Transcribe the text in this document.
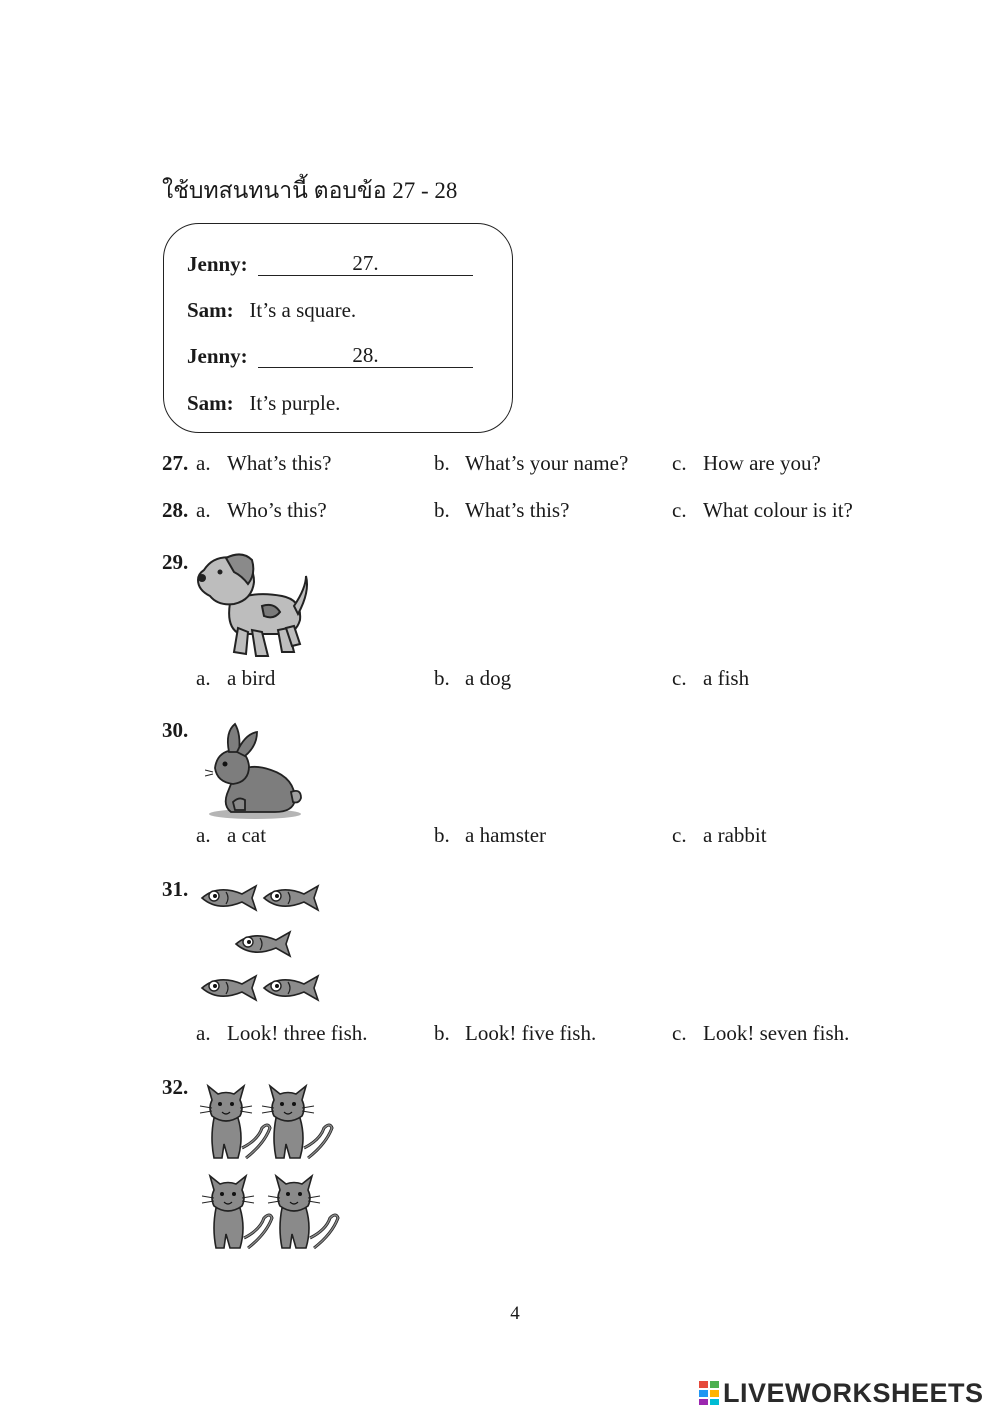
ใช้บทสนทนานี้ ตอบข้อ 27 - 28
Jenny:	27.
Sam: It’s a square.
Jenny:	28.
Sam: It’s purple.
27. a. What’s this?	b. What’s your name? c. How are you?
28. a. Who’s this?	b. What’s this?	c. What colour is it?
29.
a. a bird	b. a dog	c. a fish
30.
a. a cat	b. a hamster	c. a rabbit
31.
a. Look! three fish.	b. Look! five fish.	c. Look! seven fish.
32.
4
LIVEWORKSHEETS
